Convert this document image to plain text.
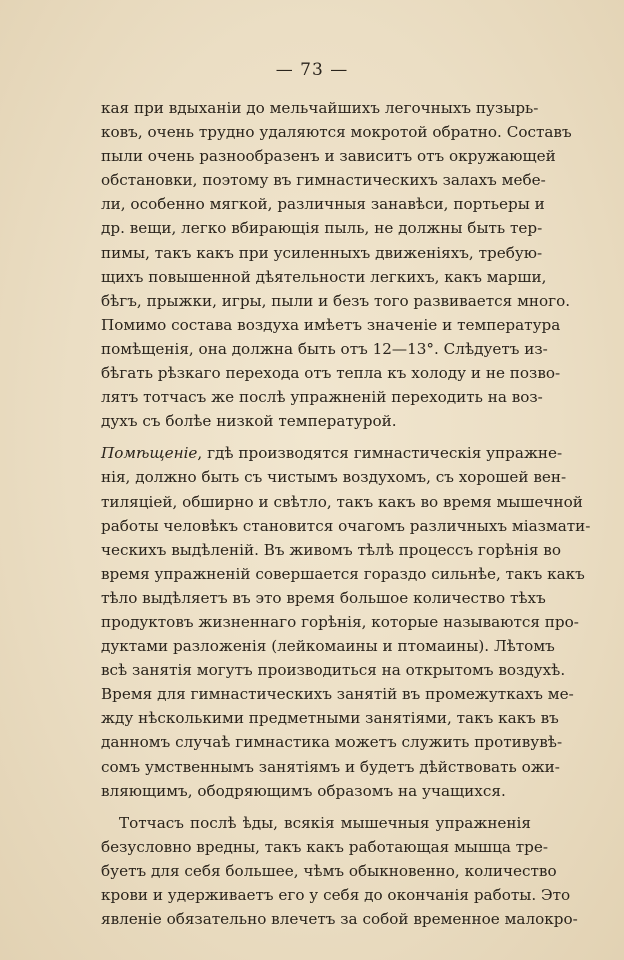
— 73 —
кая при вдыханiи до мельчайшихъ легочныхъ пузырь-
ковъ, очень трудно удаляются мокротой обратно. Составъ
пыли очень разнообразенъ и зависитъ отъ окружающей
обстановки, поэтому въ гимнастическихъ залахъ мебе-
ли, особенно мягкой, различныя занавѣси, портьеры и
др. вещи, легко вбирающiя пыль, не должны быть тер-
пимы, такъ какъ при усиленныхъ движенiяхъ, требую-
щихъ повышенной дѣятельности легкихъ, какъ марши,
бѣгъ, прыжки, игры, пыли и безъ того развивается много.
Помимо состава воздуха имѣетъ значенiе и температура
помѣщенiя, она должна быть отъ 12—13°. Слѣдуетъ из-
бѣгать рѣзкаго перехода отъ тепла къ холоду и не позво-
лятъ тотчасъ же послѣ упражненiй переходить на воз-
духъ съ болѣе низкой температурой.
Помѣщенiе, гдѣ производятся гимнастическiя упражне-
нiя, должно быть съ чистымъ воздухомъ, съ хорошей вен-
тиляцiей, обширно и свѣтло, такъ какъ во время мышечной
работы человѣкъ становится очагомъ различныхъ мiазмати-
ческихъ выдѣленiй. Въ живомъ тѣлѣ процессъ горѣнiя во
время упражненiй совершается гораздо сильнѣе, такъ какъ
тѣло выдѣляетъ въ это время большое количество тѣхъ
продуктовъ жизненнаго горѣнiя, которые называются про-
дуктами разложенiя (лейкомаины и птомаины). Лѣтомъ
всѣ занятiя могутъ производиться на открытомъ воздухѣ.
Время для гимнастическихъ занятiй въ промежуткахъ ме-
жду нѣсколькими предметными занятiями, такъ какъ въ
данномъ случаѣ гимнастика можетъ служить противувѣ-
сомъ умственнымъ занятiямъ и будетъ дѣйствовать ожи-
вляющимъ, ободряющимъ образомъ на учащихся.
Тотчасъ послѣ ѣды, всякiя мышечныя упражненiя
безусловно вредны, такъ какъ работающая мышца тре-
буетъ для себя большее, чѣмъ обыкновенно, количество
крови и удерживаетъ его у себя до окончанiя работы. Это
явленiе обязательно влечетъ за собой временное малокро-
